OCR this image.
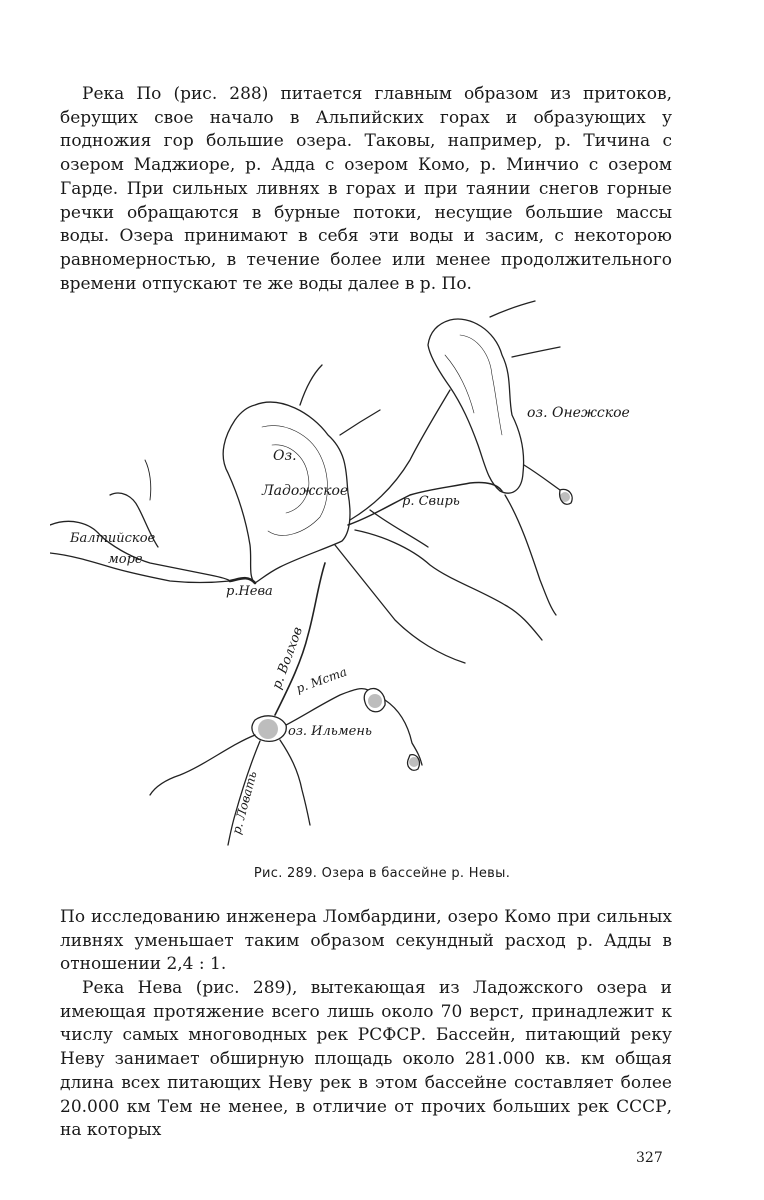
Река По (рис. 288) питается главным образом из притоков, берущих свое начало в Альпийских горах и образующих у подножия гор большие озера. Таковы, например, р. Тичина с озером Маджиоре, р. Адда с озером Комо, р. Минчио с озером Гарде. При сильных ливнях в горах и при таянии снегов горные речки обращаются в бурные потоки, несущие большие массы воды. Озера принимают в себя эти воды и засим, с некоторою равномерностью, в течение более или менее продолжительного времени отпускают те же воды далее в р. По.

оз. Онежское
Оз.
Ладожское
р. Свирь
Балтийское
море
р.Нева
р. Волхов
р. Мста
оз. Ильмень
р. Ловать
Рис. 289. Озера в бассейне р. Невы.

По исследованию инженера Ломбардини, озеро Комо при сильных ливнях уменьшает таким образом секундный расход р. Адды в отношении 2,4 : 1.

Река Нева (рис. 289), вытекающая из Ладожского озера и имеющая протяжение всего лишь около 70 верст, принадлежит к числу самых многоводных рек РСФСР. Бассейн, питающий реку Неву занимает обширную площадь около 281.000 кв. км общая длина всех питающих Неву рек в этом бассейне составляет более 20.000 км Тем не менее, в отличие от прочих больших рек СССР, на которых

327
